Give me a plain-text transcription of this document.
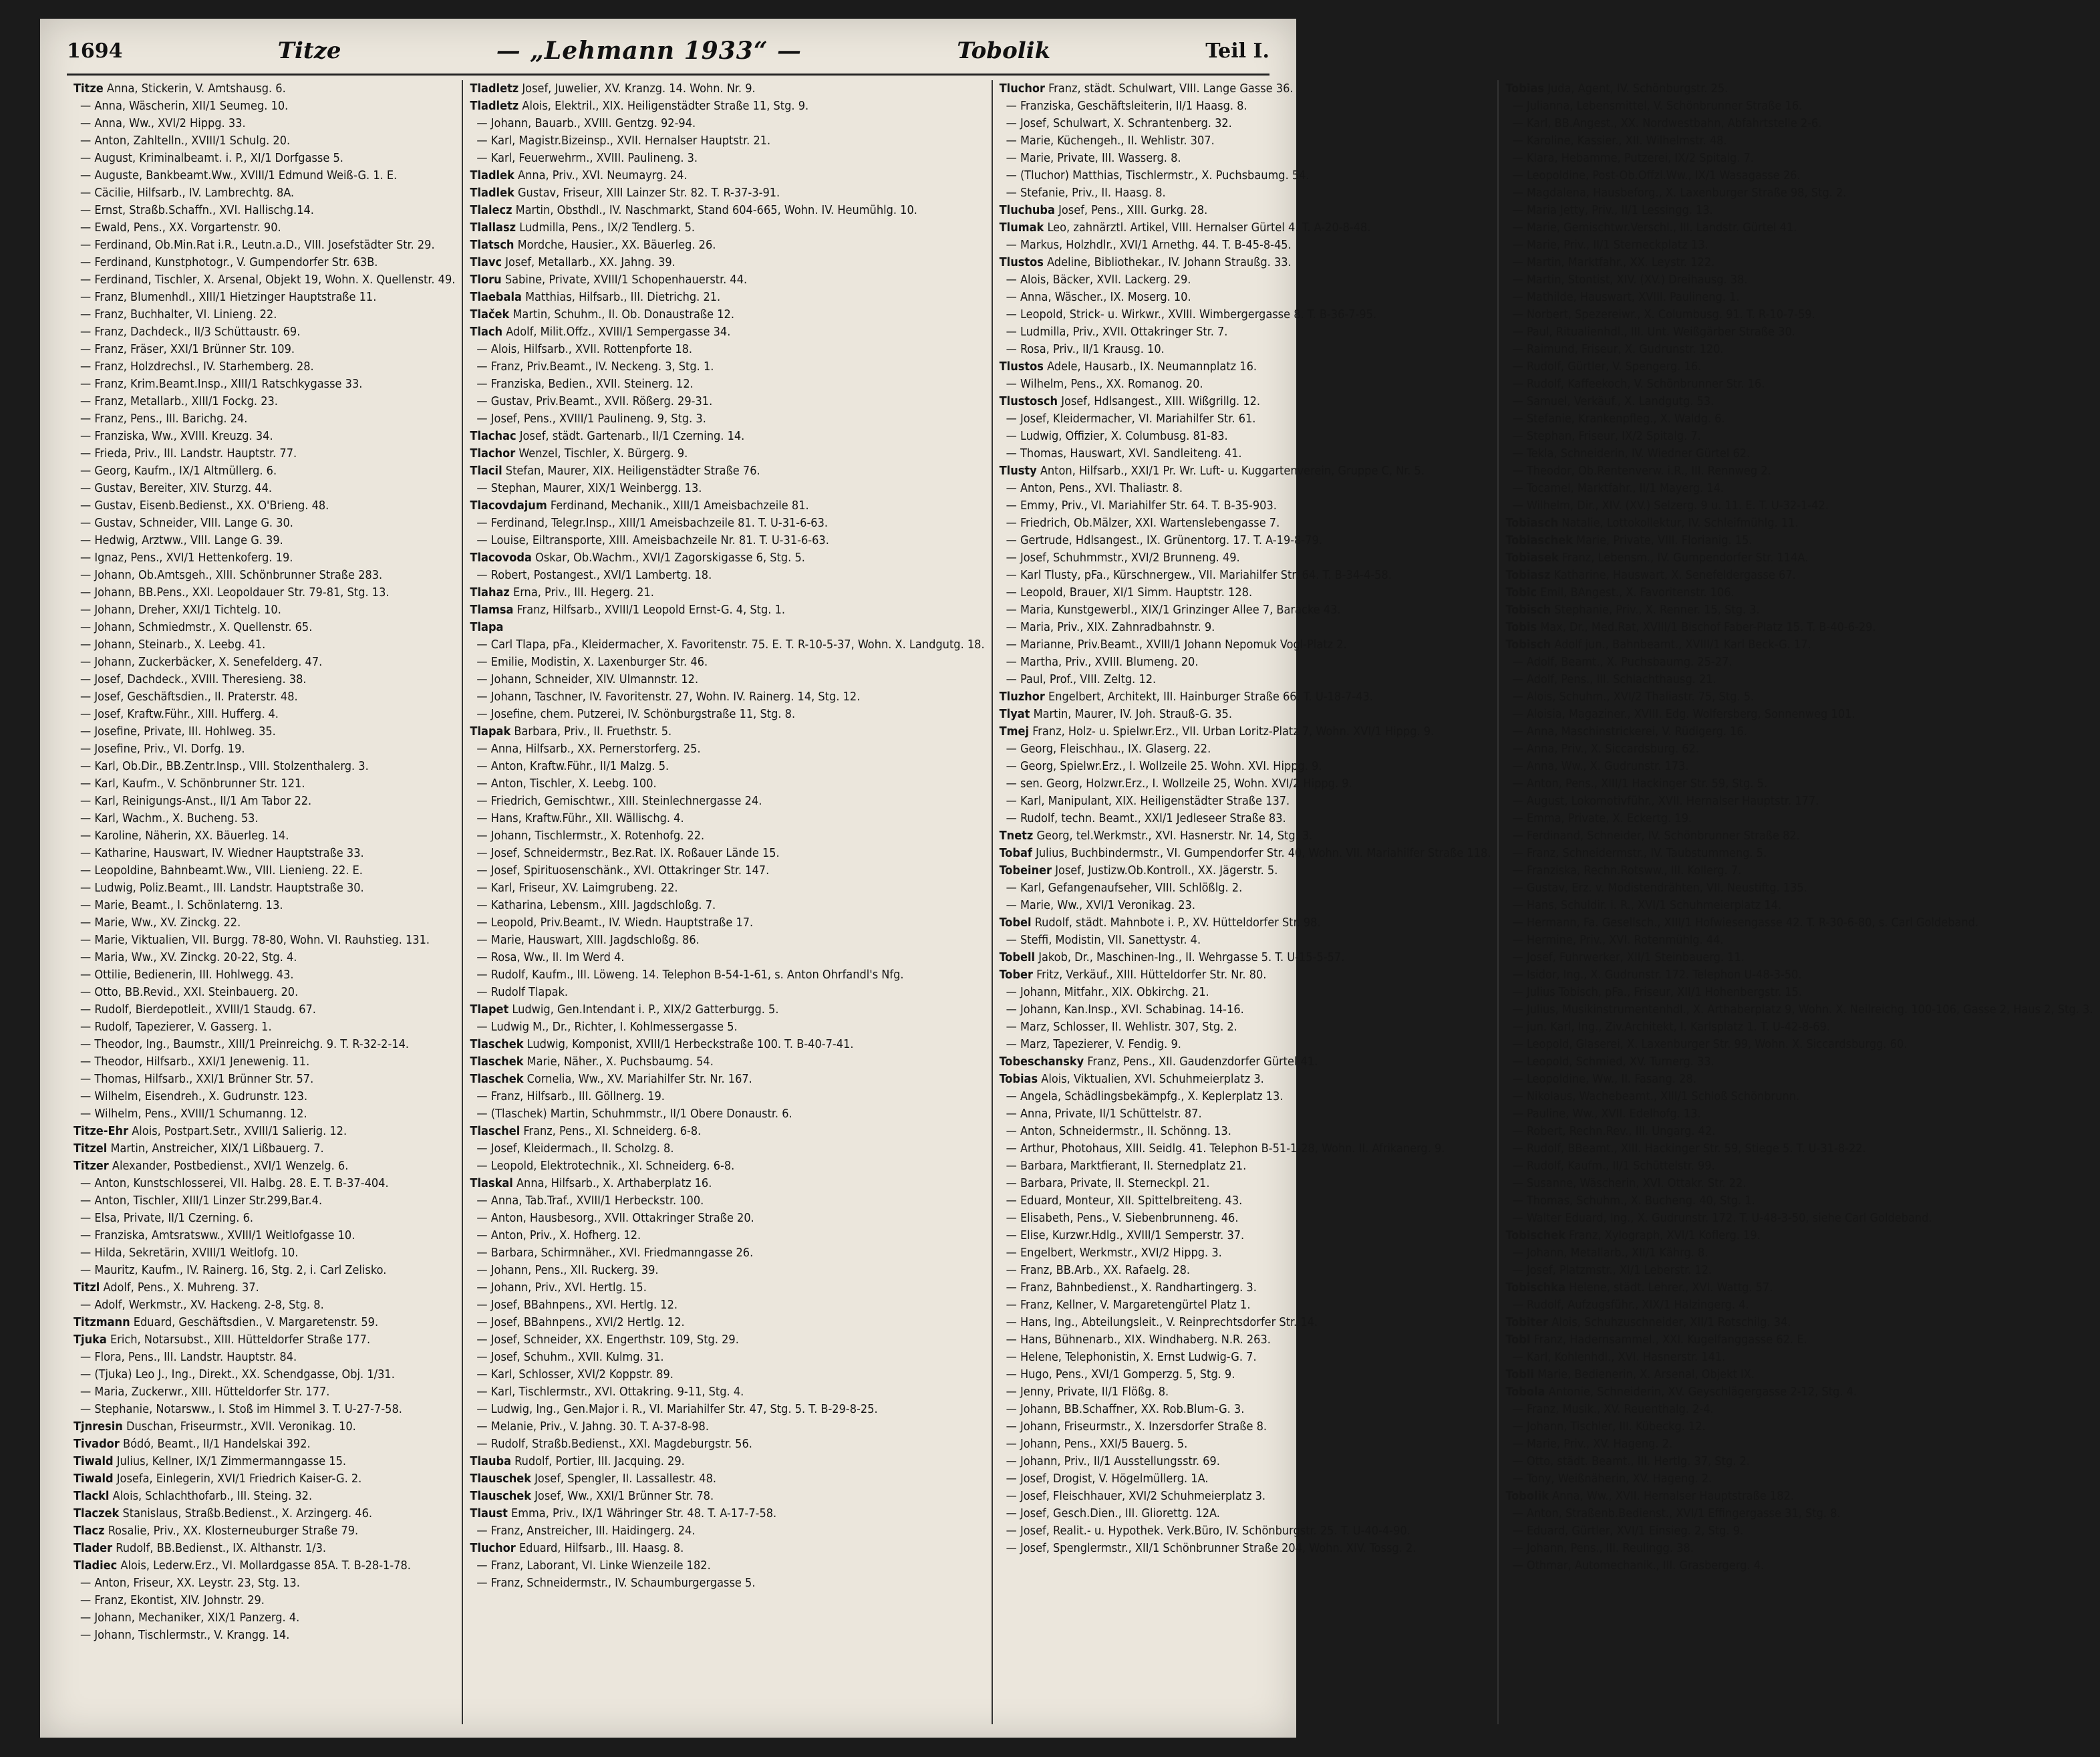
1694	Titze	— „Lehmann 1933“ —	Tobolik	Teil I.
Titze Anna, Stickerin, V. Amtshausg. 6.
— Anna, Wäscherin, XII/1 Seumeg. 10.
— Anna, Ww., XVI/2 Hippg. 33.
— Anton, Zahltelln., XVIII/1 Schulg. 20.
— August, Kriminalbeamt. i. P., XI/1 Dorfgasse 5.
— Auguste, Bankbeamt.Ww., XVIII/1 Edmund Weiß-G. 1. E.
— Cäcilie, Hilfsarb., IV. Lambrechtg. 8A.
— Ernst, Straßb.Schaffn., XVI. Hallischg.14.
— Ewald, Pens., XX. Vorgartenstr. 90.
— Ferdinand, Ob.Min.Rat i.R., Leutn.a.D., VIII. Josefstädter Str. 29.
— Ferdinand, Kunstphotogr., V. Gumpendorfer Str. 63B.
— Ferdinand, Tischler, X. Arsenal, Objekt 19, Wohn. X. Quellenstr. 49.
— Franz, Blumenhdl., XIII/1 Hietzinger Hauptstraße 11.
— Franz, Buchhalter, VI. Linieng. 22.
— Franz, Dachdeck., II/3 Schüttaustr. 69.
— Franz, Fräser, XXI/1 Brünner Str. 109.
— Franz, Holzdrechsl., IV. Starhemberg. 28.
— Franz, Krim.Beamt.Insp., XIII/1 Ratschkygasse 33.
— Franz, Metallarb., XIII/1 Fockg. 23.
— Franz, Pens., III. Barichg. 24.
— Franziska, Ww., XVIII. Kreuzg. 34.
— Frieda, Priv., III. Landstr. Hauptstr. 77.
— Georg, Kaufm., IX/1 Altmüllerg. 6.
— Gustav, Bereiter, XIV. Sturzg. 44.
— Gustav, Eisenb.Bedienst., XX. O'Brieng. 48.
— Gustav, Schneider, VIII. Lange G. 30.
— Hedwig, Arztww., VIII. Lange G. 39.
— Ignaz, Pens., XVI/1 Hettenkoferg. 19.
— Johann, Ob.Amtsgeh., XIII. Schönbrunner Straße 283.
— Johann, BB.Pens., XXI. Leopoldauer Str. 79-81, Stg. 13.
— Johann, Dreher, XXI/1 Tichtelg. 10.
— Johann, Schmiedmstr., X. Quellenstr. 65.
— Johann, Steinarb., X. Leebg. 41.
— Johann, Zuckerbäcker, X. Senefelderg. 47.
— Josef, Dachdeck., XVIII. Theresieng. 38.
— Josef, Geschäftsdien., II. Praterstr. 48.
— Josef, Kraftw.Führ., XIII. Hufferg. 4.
— Josefine, Private, III. Hohlweg. 35.
— Josefine, Priv., VI. Dorfg. 19.
— Karl, Ob.Dir., BB.Zentr.Insp., VIII. Stolzenthalerg. 3.
— Karl, Kaufm., V. Schönbrunner Str. 121.
— Karl, Reinigungs-Anst., II/1 Am Tabor 22.
— Karl, Wachm., X. Bucheng. 53.
— Karoline, Näherin, XX. Bäuerleg. 14.
— Katharine, Hauswart, IV. Wiedner Hauptstraße 33.
— Leopoldine, Bahnbeamt.Ww., VIII. Lienieng. 22. E.
— Ludwig, Poliz.Beamt., III. Landstr. Hauptstraße 30.
— Marie, Beamt., I. Schönlaterng. 13.
— Marie, Ww., XV. Zinckg. 22.
— Marie, Viktualien, VII. Burgg. 78-80, Wohn. VI. Rauhstieg. 131.
— Maria, Ww., XV. Zinckg. 20-22, Stg. 4.
— Ottilie, Bedienerin, III. Hohlwegg. 43.
— Otto, BB.Revid., XXI. Steinbauerg. 20.
— Rudolf, Bierdepotleit., XVIII/1 Staudg. 67.
— Rudolf, Tapezierer, V. Gasserg. 1.
— Theodor, Ing., Baumstr., XIII/1 Preinreichg. 9. T. R-32-2-14.
— Theodor, Hilfsarb., XXI/1 Jenewenig. 11.
— Thomas, Hilfsarb., XXI/1 Brünner Str. 57.
— Wilhelm, Eisendreh., X. Gudrunstr. 123.
— Wilhelm, Pens., XVIII/1 Schumanng. 12.
Titze-Ehr Alois, Postpart.Setr., XVIII/1 Salierig. 12.
Titzel Martin, Anstreicher, XIX/1 Lißbauerg. 7.
Titzer Alexander, Postbedienst., XVI/1 Wenzelg. 6.
— Anton, Kunstschlosserei, VII. Halbg. 28. E. T. B-37-404.
— Anton, Tischler, XIII/1 Linzer Str.299,Bar.4.
— Elsa, Private, II/1 Czerning. 6.
— Franziska, Amtsratsww., XVIII/1 Weitlofgasse 10.
— Hilda, Sekretärin, XVIII/1 Weitlofg. 10.
— Mauritz, Kaufm., IV. Rainerg. 16, Stg. 2, i. Carl Zelisko.
Titzl Adolf, Pens., X. Muhreng. 37.
— Adolf, Werkmstr., XV. Hackeng. 2-8, Stg. 8.
Titzmann Eduard, Geschäftsdien., V. Margaretenstr. 59.
Tjuka Erich, Notarsubst., XIII. Hütteldorfer Straße 177.
— Flora, Pens., III. Landstr. Hauptstr. 84.
— (Tjuka) Leo J., Ing., Direkt., XX. Schendgasse, Obj. 1/31.
— Maria, Zuckerwr., XIII. Hütteldorfer Str. 177.
— Stephanie, Notarsww., I. Stoß im Himmel 3. T. U-27-7-58.
Tjnresin Duschan, Friseurmstr., XVII. Veronikag. 10.
Tivador Bódó, Beamt., II/1 Handelskai 392.
Tiwald Julius, Kellner, IX/1 Zimmermanngasse 15.
Tiwald Josefa, Einlegerin, XVI/1 Friedrich Kaiser-G. 2.
Tlackl Alois, Schlachthofarb., III. Steing. 32.
Tlaczek Stanislaus, Straßb.Bedienst., X. Arzingerg. 46.
Tlacz Rosalie, Priv., XX. Klosterneuburger Straße 79.
Tlader Rudolf, BB.Bedienst., IX. Althanstr. 1/3.
Tladiec Alois, Lederw.Erz., VI. Mollardgasse 85A. T. B-28-1-78.
— Anton, Friseur, XX. Leystr. 23, Stg. 13.
— Franz, Ekontist, XIV. Johnstr. 29.
— Johann, Mechaniker, XIX/1 Panzerg. 4.
— Johann, Tischlermstr., V. Krangg. 14.
Tladletz Josef, Juwelier, XV. Kranzg. 14. Wohn. Nr. 9.
Tladletz Alois, Elektril., XIX. Heiligenstädter Straße 11, Stg. 9.
— Johann, Bauarb., XVIII. Gentzg. 92-94.
— Karl, Magistr.Bizeinsp., XVII. Hernalser Hauptstr. 21.
— Karl, Feuerwehrm., XVIII. Paulineng. 3.
Tladlek Anna, Priv., XVI. Neumayrg. 24.
Tladlek Gustav, Friseur, XIII Lainzer Str. 82. T. R-37-3-91.
Tlalecz Martin, Obsthdl., IV. Naschmarkt, Stand 604-665, Wohn. IV. Heumühlg. 10.
Tlallasz Ludmilla, Pens., IX/2 Tendlerg. 5.
Tlatsch Mordche, Hausier., XX. Bäuerleg. 26.
Tlavc Josef, Metallarb., XX. Jahng. 39.
Tloru Sabine, Private, XVIII/1 Schopenhauerstr. 44.
Tlaebala Matthias, Hilfsarb., III. Dietrichg. 21.
Tlaček Martin, Schuhm., II. Ob. Donaustraße 12.
Tlach Adolf, Milit.Offz., XVIII/1 Sempergasse 34.
— Alois, Hilfsarb., XVII. Rottenpforte 18.
— Franz, Priv.Beamt., IV. Neckeng. 3, Stg. 1.
— Franziska, Bedien., XVII. Steinerg. 12.
— Gustav, Priv.Beamt., XVII. Rößerg. 29-31.
— Josef, Pens., XVIII/1 Paulineng. 9, Stg. 3.
Tlachac Josef, städt. Gartenarb., II/1 Czerning. 14.
Tlachor Wenzel, Tischler, X. Bürgerg. 9.
Tlacil Stefan, Maurer, XIX. Heiligenstädter Straße 76.
— Stephan, Maurer, XIX/1 Weinbergg. 13.
Tlacovdajum Ferdinand, Mechanik., XIII/1 Ameisbachzeile 81.
— Ferdinand, Telegr.Insp., XIII/1 Ameisbachzeile 81. T. U-31-6-63.
— Louise, Eiltransporte, XIII. Ameisbachzeile Nr. 81. T. U-31-6-63.
Tlacovoda Oskar, Ob.Wachm., XVI/1 Zagorskigasse 6, Stg. 5.
— Robert, Postangest., XVI/1 Lambertg. 18.
Tlahaz Erna, Priv., III. Hegerg. 21.
Tlamsa Franz, Hilfsarb., XVIII/1 Leopold Ernst-G. 4, Stg. 1.
Tlapa
— Carl Tlapa, pFa., Kleidermacher, X. Favoritenstr. 75. E. T. R-10-5-37, Wohn. X. Landgutg. 18.
— Emilie, Modistin, X. Laxenburger Str. 46.
— Johann, Schneider, XIV. Ulmannstr. 12.
— Johann, Taschner, IV. Favoritenstr. 27, Wohn. IV. Rainerg. 14, Stg. 12.
— Josefine, chem. Putzerei, IV. Schönburgstraße 11, Stg. 8.
Tlapak Barbara, Priv., II. Fruethstr. 5.
— Anna, Hilfsarb., XX. Pernerstorferg. 25.
— Anton, Kraftw.Führ., II/1 Malzg. 5.
— Anton, Tischler, X. Leebg. 100.
— Friedrich, Gemischtwr., XIII. Steinlechnergasse 24.
— Hans, Kraftw.Führ., XII. Wällischg. 4.
— Johann, Tischlermstr., X. Rotenhofg. 22.
— Josef, Schneidermstr., Bez.Rat. IX. Roßauer Lände 15.
— Josef, Spirituosenschänk., XVI. Ottakringer Str. 147.
— Karl, Friseur, XV. Laimgrubeng. 22.
— Katharina, Lebensm., XIII. Jagdschloßg. 7.
— Leopold, Priv.Beamt., IV. Wiedn. Hauptstraße 17.
— Marie, Hauswart, XIII. Jagdschloßg. 86.
— Rosa, Ww., II. Im Werd 4.
— Rudolf, Kaufm., III. Löweng. 14. Telephon B-54-1-61, s. Anton Ohrfandl's Nfg.
— Rudolf Tlapak.
Tlapet Ludwig, Gen.Intendant i. P., XIX/2 Gatterburgg. 5.
— Ludwig M., Dr., Richter, I. Kohlmessergasse 5.
Tlaschek Ludwig, Komponist, XVIII/1 Herbeckstraße 100. T. B-40-7-41.
Tlaschek Marie, Näher., X. Puchsbaumg. 54.
Tlaschek Cornelia, Ww., XV. Mariahilfer Str. Nr. 167.
— Franz, Hilfsarb., III. Göllnerg. 19.
— (Tlaschek) Martin, Schuhmmstr., II/1 Obere Donaustr. 6.
Tlaschel Franz, Pens., XI. Schneiderg. 6-8.
— Josef, Kleidermach., II. Scholzg. 8.
— Leopold, Elektrotechnik., XI. Schneiderg. 6-8.
Tlaskal Anna, Hilfsarb., X. Arthaberplatz 16.
— Anna, Tab.Traf., XVIII/1 Herbeckstr. 100.
— Anton, Hausbesorg., XVII. Ottakringer Straße 20.
— Anton, Priv., X. Hofherg. 12.
— Barbara, Schirmnäher., XVI. Friedmanngasse 26.
— Johann, Pens., XII. Ruckerg. 39.
— Johann, Priv., XVI. Hertlg. 15.
— Josef, BBahnpens., XVI. Hertlg. 12.
— Josef, BBahnpens., XVI/2 Hertlg. 12.
— Josef, Schneider, XX. Engerthstr. 109, Stg. 29.
— Josef, Schuhm., XVII. Kulmg. 31.
— Karl, Schlosser, XVI/2 Koppstr. 89.
— Karl, Tischlermstr., XVI. Ottakring. 9-11, Stg. 4.
— Ludwig, Ing., Gen.Major i. R., VI. Mariahilfer Str. 47, Stg. 5. T. B-29-8-25.
— Melanie, Priv., V. Jahng. 30. T. A-37-8-98.
— Rudolf, Straßb.Bedienst., XXI. Magdeburgstr. 56.
Tlauba Rudolf, Portier, III. Jacquing. 29.
Tlauschek Josef, Spengler, II. Lassallestr. 48.
Tlauschek Josef, Ww., XXI/1 Brünner Str. 78.
Tlaust Emma, Priv., IX/1 Währinger Str. 48. T. A-17-7-58.
— Franz, Anstreicher, III. Haidingerg. 24.
Tluchor Eduard, Hilfsarb., III. Haasg. 8.
— Franz, Laborant, VI. Linke Wienzeile 182.
— Franz, Schneidermstr., IV. Schaumburgergasse 5.
Tluchor Franz, städt. Schulwart, VIII. Lange Gasse 36.
— Franziska, Geschäftsleiterin, II/1 Haasg. 8.
— Josef, Schulwart, X. Schrantenberg. 32.
— Marie, Küchengeh., II. Wehlistr. 307.
— Marie, Private, III. Wasserg. 8.
— (Tluchor) Matthias, Tischlermstr., X. Puchsbaumg. 54.
— Stefanie, Priv., II. Haasg. 8.
Tluchuba Josef, Pens., XIII. Gurkg. 28.
Tlumak Leo, zahnärztl. Artikel, VIII. Hernalser Gürtel 4. T. A-20-8-48.
— Markus, Holzhdlr., XVI/1 Arnethg. 44. T. B-45-8-45.
Tlustos Adeline, Bibliothekar., IV. Johann Straußg. 33.
— Alois, Bäcker, XVII. Lackerg. 29.
— Anna, Wäscher., IX. Moserg. 10.
— Leopold, Strick- u. Wirkwr., XVIII. Wimbergergasse 8. T. B-36-7-95.
— Ludmilla, Priv., XVII. Ottakringer Str. 7.
— Rosa, Priv., II/1 Krausg. 10.
Tlustos Adele, Hausarb., IX. Neumannplatz 16.
— Wilhelm, Pens., XX. Romanog. 20.
Tlustosch Josef, Hdlsangest., XIII. Wißgrillg. 12.
— Josef, Kleidermacher, VI. Mariahilfer Str. 61.
— Ludwig, Offizier, X. Columbusg. 81-83.
— Thomas, Hauswart, XVI. Sandleiteng. 41.
Tlusty Anton, Hilfsarb., XXI/1 Pr. Wr. Luft- u. Kuggartenverein, Gruppe C, Nr. 5.
— Anton, Pens., XVI. Thaliastr. 8.
— Emmy, Priv., VI. Mariahilfer Str. 64. T. B-35-903.
— Friedrich, Ob.Mälzer, XXI. Wartenslebengasse 7.
— Gertrude, Hdlsangest., IX. Grünentorg. 17. T. A-19-8-79.
— Josef, Schuhmmstr., XVI/2 Brunneng. 49.
— Karl Tlusty, pFa., Kürschnergew., VII. Mariahilfer Str. 64. T. B-34-4-58.
— Leopold, Brauer, XI/1 Simm. Hauptstr. 128.
— Maria, Kunstgewerbl., XIX/1 Grinzinger Allee 7, Baracke 43.
— Maria, Priv., XIX. Zahnradbahnstr. 9.
— Marianne, Priv.Beamt., XVIII/1 Johann Nepomuk Vogl-Platz 2.
— Martha, Priv., XVIII. Blumeng. 20.
— Paul, Prof., VIII. Zeltg. 12.
Tluzhor Engelbert, Architekt, III. Hainburger Straße 66. T. U-18-7-43.
Tlyat Martin, Maurer, IV. Joh. Strauß-G. 35.
Tmej Franz, Holz- u. Spielwr.Erz., VII. Urban Loritz-Platz 7, Wohn. XVI/1 Hippg. 9.
— Georg, Fleischhau., IX. Glaserg. 22.
— Georg, Spielwr.Erz., I. Wollzeile 25. Wohn. XVI. Hippg. 9.
— sen. Georg, Holzwr.Erz., I. Wollzeile 25, Wohn. XVI/2 Hippg. 9.
— Karl, Manipulant, XIX. Heiligenstädter Straße 137.
— Rudolf, techn. Beamt., XXI/1 Jedleseer Straße 83.
Tnetz Georg, tel.Werkmstr., XVI. Hasnerstr. Nr. 14, Stg. 3.
Tobaf Julius, Buchbindermstr., VI. Gumpendorfer Str. 40, Wohn. VII. Mariahilfer Straße 118.
Tobeiner Josef, Justizw.Ob.Kontroll., XX. Jägerstr. 5.
— Karl, Gefangenaufseher, VIII. Schlößlg. 2.
— Marie, Ww., XVI/1 Veronikag. 23.
Tobel Rudolf, städt. Mahnbote i. P., XV. Hütteldorfer Str. 98.
— Steffi, Modistin, VII. Sanettystr. 4.
Tobell Jakob, Dr., Maschinen-Ing., II. Wehrgasse 5. T. U-15-5-57.
Tober Fritz, Verkäuf., XIII. Hütteldorfer Str. Nr. 80.
— Johann, Mitfahr., XIX. Obkirchg. 21.
— Johann, Kan.Insp., XVI. Schabinag. 14-16.
— Marz, Schlosser, II. Wehlistr. 307, Stg. 2.
— Marz, Tapezierer, V. Fendig. 9.
Tobeschansky Franz, Pens., XII. Gaudenzdorfer Gürtel 41.
Tobias Alois, Viktualien, XVI. Schuhmeierplatz 3.
— Angela, Schädlingsbekämpfg., X. Keplerplatz 13.
— Anna, Private, II/1 Schüttelstr. 87.
— Anton, Schneidermstr., II. Schönng. 13.
— Arthur, Photohaus, XIII. Seidlg. 41. Telephon B-51-1-28, Wohn. II. Afrikanerg. 9.
— Barbara, Marktfierant, II. Sternedplatz 21.
— Barbara, Private, II. Sterneckpl. 21.
— Eduard, Monteur, XII. Spittelbreiteng. 43.
— Elisabeth, Pens., V. Siebenbrunneng. 46.
— Elise, Kurzwr.Hdlg., XVIII/1 Semperstr. 37.
— Engelbert, Werkmstr., XVI/2 Hippg. 3.
— Franz, BB.Arb., XX. Rafaelg. 28.
— Franz, Bahnbedienst., X. Randhartingerg. 3.
— Franz, Kellner, V. Margaretengürtel Platz 1.
— Hans, Ing., Abteilungsleit., V. Reinprechtsdorfer Str. 14.
— Hans, Bühnenarb., XIX. Windhaberg. N.R. 263.
— Helene, Telephonistin, X. Ernst Ludwig-G. 7.
— Hugo, Pens., XVI/1 Gomperzg. 5, Stg. 9.
— Jenny, Private, II/1 Flößg. 8.
— Johann, BB.Schaffner, XX. Rob.Blum-G. 3.
— Johann, Friseurmstr., X. Inzersdorfer Straße 8.
— Johann, Pens., XXI/5 Bauerg. 5.
— Johann, Priv., II/1 Ausstellungsstr. 69.
— Josef, Drogist, V. Högelmüllerg. 1A.
— Josef, Fleischhauer, XVI/2 Schuhmeierplatz 3.
— Josef, Gesch.Dien., III. Gliorettg. 12A.
— Josef, Realit.- u. Hypothek. Verk.Büro, IV. Schönburgstr. 25. T. U-40-4-90.
— Josef, Spenglermstr., XII/1 Schönbrunner Straße 204, Wohn. XIV. Tossg. 2.
Tobias Juda, Agent, IV. Schönburgstr. 25.
— Julianna, Lebensmittel, V. Schönbrunner Straße 16.
— Karl, BB.Angest., XX. Nordwestbahn, Abfahrtstelle 2-6.
— Karoline, Kassier., XII. Wilhelmstr. 48.
— Klara, Hebamme, Putzerei, IX/2 Spitalg. 7.
— Leopoldine, Post-Ob.Offzl.Ww., IX/1 Wasagasse 26.
— Magdalena, Hausbeforg., X. Laxenburger Straße 98, Stg. 2.
— Maria Jetty, Priv., II/1 Lessingg. 13.
— Marie, Gemischtwr.Verschl., III. Landstr. Gürtel 41.
— Marie, Priv., II/1 Sterneckplatz 13.
— Martin, Marktfahr., XX. Leystr. 122.
— Martin, Stontist, XIV. (XV.) Dreihausg. 38.
— Mathilde, Hauswart, XVIII. Paulineng. 1.
— Norbert, Spezereiwr., X. Columbusg. 91. T. R-10-7-59.
— Paul, Ritualienhdl., III. Unt. Weißgärber Straße 30.
— Raimund, Friseur, X. Gudrunstr. 120.
— Rudolf, Gürtler, V. Spengerg. 16.
— Rudolf, Kaffeekoch, V. Schönbrunner Str. 16.
— Samuel, Verkäuf., X. Landgutg. 53.
— Stefanie, Krankenpfleg., X. Waldg. 6.
— Stephan, Friseur, IX/2 Spitalg. 7.
— Tekla, Schneiderin, IV. Wiedner Gürtel 62.
— Theodor, Ob.Rentenverw. i.R., III. Rennweg 2.
— Tocamel, Marktfahr., II/1 Mayerg. 14.
— Wilhelm, Dir., XIV. (XV.) Selzerg. 9 u. 11. E. T. U-32-1-42.
Tobiasch Natalie, Lottokollektur, IV. Schleifmühlg. 11.
Tobiaschek Marie, Private, VIII. Florianig. 15.
Tobiasek Franz, Lebensm., IV. Gumpendorfer Str. 114A.
Tobiasz Katharine, Hauswart, X. Senefeldergasse 67.
Tobic Emil, BAngest., X. Favoritenstr. 106.
Tobisch Stephanie, Priv., X. Renner. 15, Stg. 3.
Tobis Max, Dr., Med.Rat, XVIII/1 Bischof Faber-Platz 15. T. B-40-6-29.
Tobisch Adolf jun., Bahnbeamt., XVIII/1 Karl Beck-G. 17.
— Adolf, Beamt., X. Puchsbaumg. 25-27.
— Adolf, Pens., III. Schlachthausg. 21.
— Alois, Schuhm., XVI/2 Thaliastr. 75, Stg. 5.
— Aloisia, Magaziner., XVIII. Edg. Wolfersberg, Sonnenweg 101.
— Anna, Maschinstrickerei, V. Rüdigerg. 16.
— Anna, Priv., X. Siccardsburg. 62.
— Anna, Ww., X. Gudrunstr. 173.
— Anton, Pens., XIII/1 Hackinger Str. 59, Stg. 5.
— August, Lokomotivführ., XVII. Hernalser Hauptstr. 177.
— Emma, Private, X. Eckertg. 19.
— Ferdinand, Schneider, IV. Schönbrunner Straße 82.
— Franz, Schneidermstr., IV. Taubstummeng. 5.
— Franziska, Rechn.Rotsww., III. Kollerg. 7.
— Gustav, Erz. v. Modistendrähten, VII. Neustiftg. 135.
— Hans, Schuldir. i. R., XVI/1 Schuhmeierplatz 14.
— Hermann, Fa. Gesellsch., XIII/1 Hofwiesengasse 42. T. R-30-6-80, s. Carl Goldeband.
— Hermine, Priv., XVI. Rotenmühlg. 44.
— Josef, Fuhrwerker, XII/1 Steinbauerg. 11.
— Isidor, Ing., X. Gudrunstr. 172. Telephon U-48-3-50.
— Julius Tobisch, pFa., Friseur, XII/1 Hohenbergstr. 15.
— Julius, Musikinstrumentenhdl., X. Arthaberplatz 9, Wohn. X. Neilreichg. 100-106, Gasse 2, Haus 2, Stg. 3.
— jun. Karl, Ing., Ziv.Architekt, I. Karlsplatz 1. T. U-42-8-69.
— Leopold, Glaserei, X. Laxenburger Str. 99, Wohn. X. Siccardsburgg. 60.
— Leopold, Schmied, XV. Turnerg. 33.
— Leopoldine, Ww., II. Fasang. 28.
— Nikolaus, Wachebeamt., XIII/1 Schloß Schönbrunn.
— Pauline, Ww., XVII. Edelhofg. 13.
— Robert, Rechn.Rev., III. Ungarg. 42.
— Rudolf, BBeamt., XIII. Hackinger Str. 59, Stiege 5. T. U-31-8-22.
— Rudolf, Kaufm., II/1 Schüttelstr. 99.
— Susanne, Wäscherin, XVI. Ottakr. Str. 22.
— Thomas, Schuhm., X. Bucheng. 40, Stg. 1.
— Walter Eduard, Ing., X. Gudrunstr. 172. T. U-48-3-50, siehe Carl Goldeband.
Tobischek Franz, Xylograph, XVI/1 Koflerg. 19.
— Johann, Metallarb., XII/1 Kährg. 8.
— Josef, Platzmstr., XI/1 Leberstr. 12.
Tobischka Helene, städt. Lehrer., XVI. Wattg. 57.
— Rudolf, Aufzugsführ., XIX/1 Halzingerg. 4.
Tobiter Alois, Schuhzuschneider, XII/1 Rotschilg. 34.
Tobl Franz, Hadernsammel., XXI. Kugelfanggasse 62. E.
— Karl, Kohlenhdl., XVI. Hasnerstr. 141.
Tobli Marie, Bedienerin, X. Arsenal, Objekt IX.
Tobola Antonie, Schneiderin, XV. Geyschlägergasse 2-12, Stg. 4.
— Franz, Musik., XV. Reuenthalg. 2-4.
— Johann, Tischler, III. Kübeckg. 12.
— Marie, Priv., XV. Hageng. 2.
— Otto, städt. Beamt., III. Hertlg. 37, Stg. 2.
— Tony, Weißnäherin, XV. Hageng. 2.
Tobolik Anna, Ww., XVII. Hernalser Hauptstraße 182.
— Anton, Straßenb.Bedienst., XVI/1 Effingergasse 31, Stg. 8.
— Eduard, Gürtler, XVI/1 Einsieg. 2, Stg. 9.
— Johann, Pens., III. Reulingg. 38.
— Othmar, Automechanik., III. Grasbergerg. 4.
